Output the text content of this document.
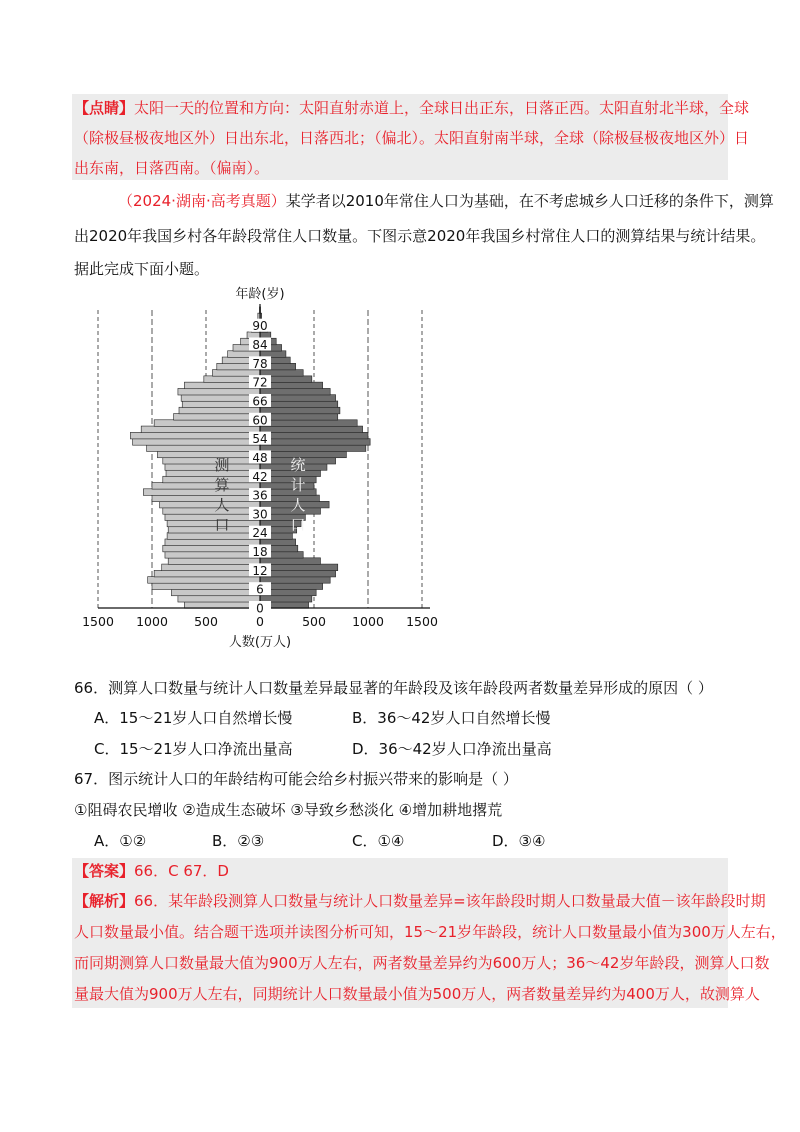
【点睛】太阳一天的位置和方向：太阳直射赤道上，全球日出正东，日落正西。太阳直射北半球，全球
（除极昼极夜地区外）日出东北，日落西北；（偏北）。太阳直射南半球，全球（除极昼极夜地区外）日
出东南，日落西南。（偏南）。
（2024·湖南·高考真题）某学者以2010年常住人口为基础，在不考虑城乡人口迁移的条件下，测算
出2020年我国乡村各年龄段常住人口数量。下图示意2020年我国乡村常住人口的测算结果与统计结果。
据此完成下面小题。
0
6
12
18
24
30
36
42
48
54
60
66
72
78
84
90
1500 1000 500	0	500 1000 1500
年龄(岁)
人数(万人)
测
算
人
口
统
计
人
口
66．测算人口数量与统计人口数量差异最显著的年龄段及该年龄段两者数量差异形成的原因（ ）
A．15～21岁人口自然增长慢	B．36～42岁人口自然增长慢
C．15～21岁人口净流出量高	D．36～42岁人口净流出量高
67．图示统计人口的年龄结构可能会给乡村振兴带来的影响是（ ）
①阻碍农民增收 ②造成生态破坏 ③导致乡愁淡化 ④增加耕地撂荒
A．①②	B．②③	C．①④	D．③④
【答案】66．C 67．D
【解析】66．某年龄段测算人口数量与统计人口数量差异=该年龄段时期人口数量最大值－该年龄段时期
人口数量最小值。结合题干选项并读图分析可知，15～21岁年龄段，统计人口数量最小值为300万人左右，
而同期测算人口数量最大值为900万人左右，两者数量差异约为600万人；36～42岁年龄段，测算人口数
量最大值为900万人左右，同期统计人口数量最小值为500万人，两者数量差异约为400万人，故测算人
